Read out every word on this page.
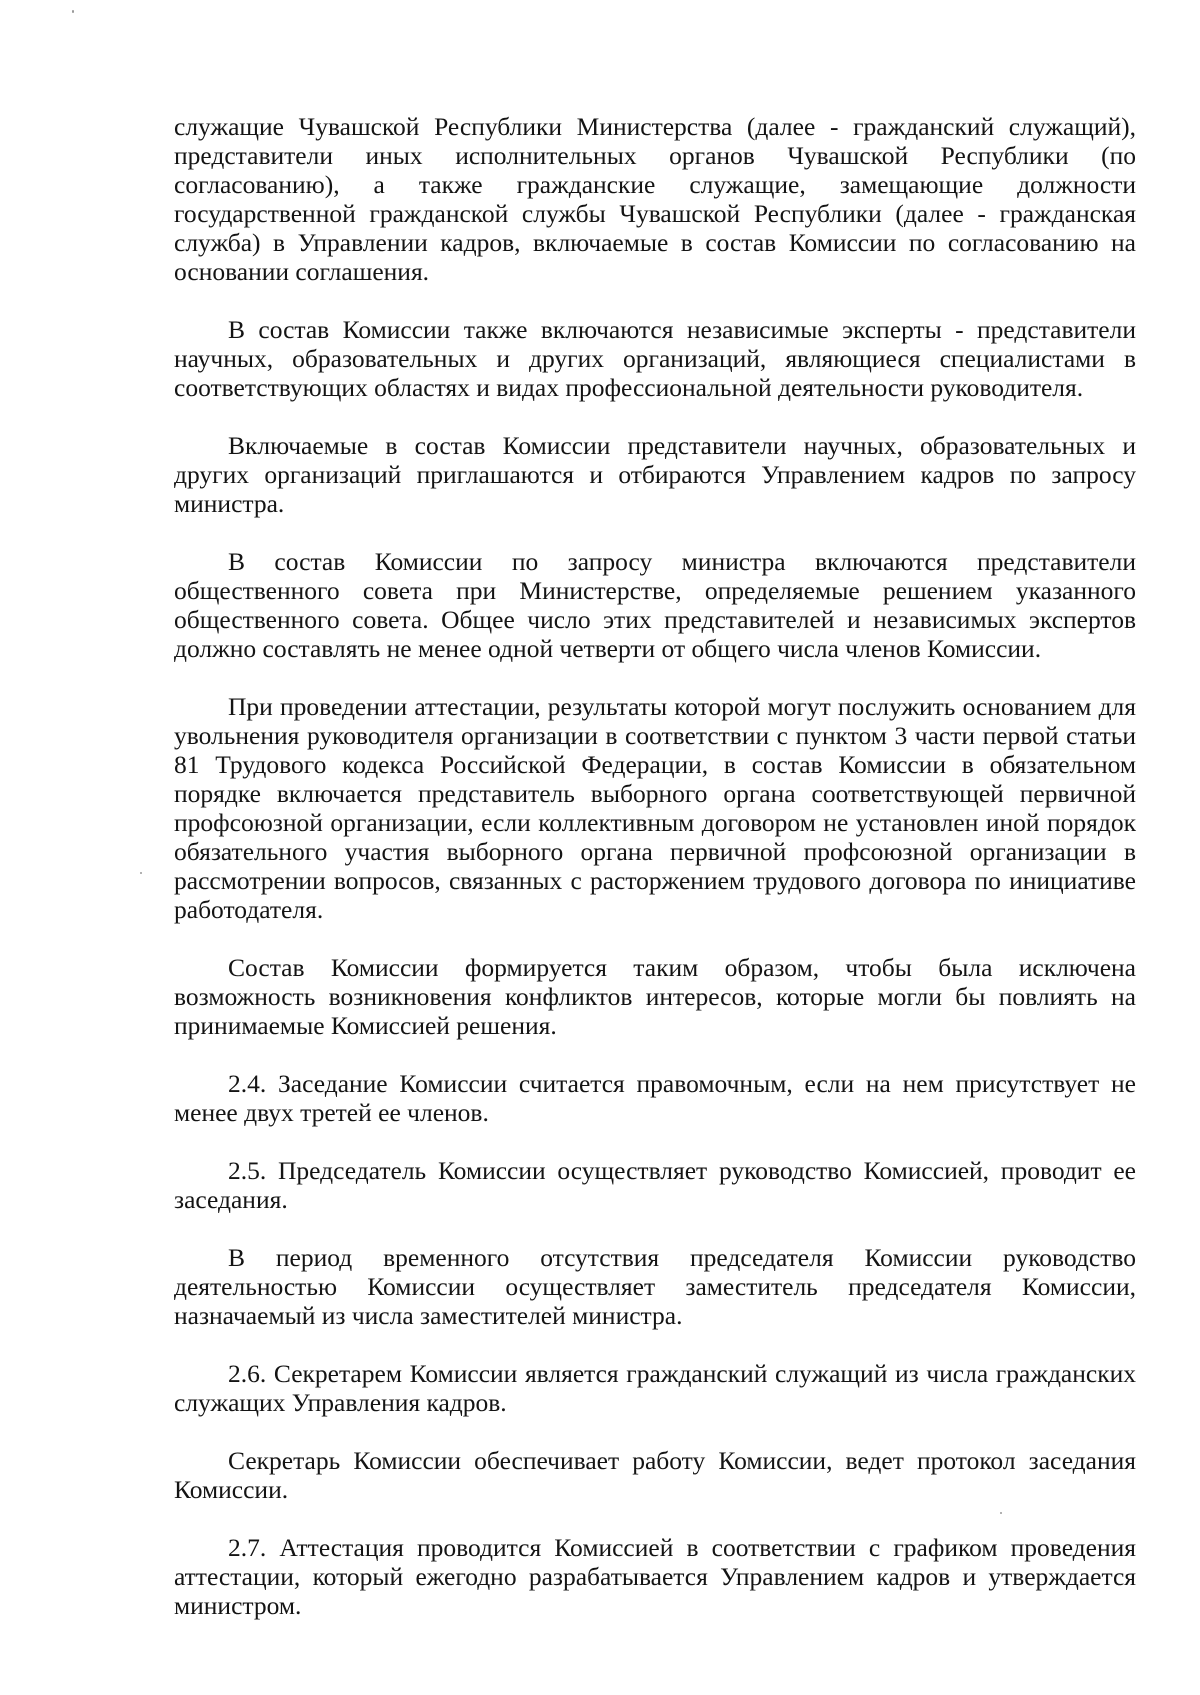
служащие Чувашской Республики Министерства (далее - гражданский служащий), представители иных исполнительных органов Чувашской Республики (по согласованию), а также гражданские служащие, замещающие должности государственной гражданской службы Чувашской Республики (далее - гражданская служба) в Управлении кадров, включаемые в состав Комиссии по согласованию на основании соглашения.

В состав Комиссии также включаются независимые эксперты - представители научных, образовательных и других организаций, являющиеся специалистами в соответствующих областях и видах профессиональной деятельности руководителя.

Включаемые в состав Комиссии представители научных, образовательных и других организаций приглашаются и отбираются Управлением кадров по запросу министра.

В состав Комиссии по запросу министра включаются представители общественного совета при Министерстве, определяемые решением указанного общественного совета. Общее число этих представителей и независимых экспертов должно составлять не менее одной четверти от общего числа членов Комиссии.

При проведении аттестации, результаты которой могут послужить основанием для увольнения руководителя организации в соответствии с пунктом 3 части первой статьи 81 Трудового кодекса Российской Федерации, в состав Комиссии в обязательном порядке включается представитель выборного органа соответствующей первичной профсоюзной организации, если коллективным договором не установлен иной порядок обязательного участия выборного органа первичной профсоюзной организации в рассмотрении вопросов, связанных с расторжением трудового договора по инициативе работодателя.

Состав Комиссии формируется таким образом, чтобы была исключена возможность возникновения конфликтов интересов, которые могли бы повлиять на принимаемые Комиссией решения.

2.4. Заседание Комиссии считается правомочным, если на нем присутствует не менее двух третей ее членов.

2.5. Председатель Комиссии осуществляет руководство Комиссией, проводит ее заседания.

В период временного отсутствия председателя Комиссии руководство деятельностью Комиссии осуществляет заместитель председателя Комиссии, назначаемый из числа заместителей министра.

2.6. Секретарем Комиссии является гражданский служащий из числа гражданских служащих Управления кадров.

Секретарь Комиссии обеспечивает работу Комиссии, ведет протокол заседания Комиссии.

2.7. Аттестация проводится Комиссией в соответствии с графиком проведения аттестации, который ежегодно разрабатывается Управлением кадров и утверждается министром.
